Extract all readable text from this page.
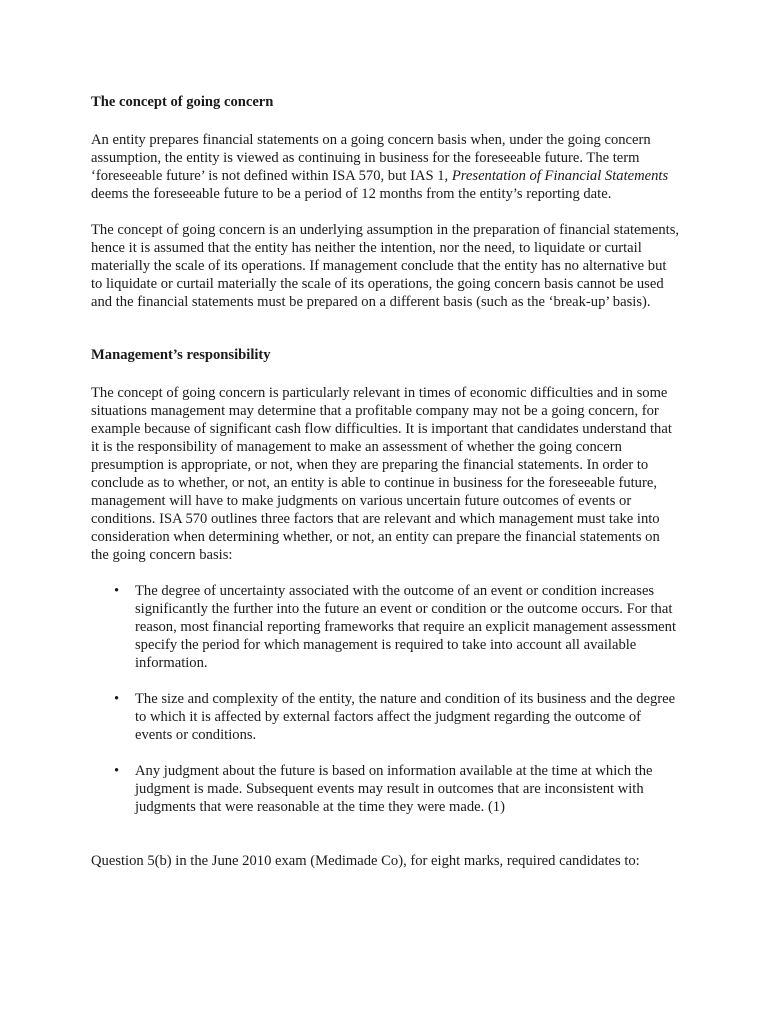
The concept of going concern

An entity prepares financial statements on a going concern basis when, under the going concern assumption, the entity is viewed as continuing in business for the foreseeable future. The term ‘foreseeable future’ is not defined within ISA 570, but IAS 1, Presentation of Financial Statements deems the foreseeable future to be a period of 12 months from the entity’s reporting date.

The concept of going concern is an underlying assumption in the preparation of financial statements, hence it is assumed that the entity has neither the intention, nor the need, to liquidate or curtail materially the scale of its operations. If management conclude that the entity has no alternative but to liquidate or curtail materially the scale of its operations, the going concern basis cannot be used and the financial statements must be prepared on a different basis (such as the ‘break-up’ basis).

Management’s responsibility

The concept of going concern is particularly relevant in times of economic difficulties and in some situations management may determine that a profitable company may not be a going concern, for example because of significant cash flow difficulties. It is important that candidates understand that it is the responsibility of management to make an assessment of whether the going concern presumption is appropriate, or not, when they are preparing the financial statements. In order to conclude as to whether, or not, an entity is able to continue in business for the foreseeable future, management will have to make judgments on various uncertain future outcomes of events or conditions. ISA 570 outlines three factors that are relevant and which management must take into consideration when determining whether, or not, an entity can prepare the financial statements on the going concern basis:

• The degree of uncertainty associated with the outcome of an event or condition increases significantly the further into the future an event or condition or the outcome occurs. For that reason, most financial reporting frameworks that require an explicit management assessment specify the period for which management is required to take into account all available information.
• The size and complexity of the entity, the nature and condition of its business and the degree to which it is affected by external factors affect the judgment regarding the outcome of events or conditions.
• Any judgment about the future is based on information available at the time at which the judgment is made. Subsequent events may result in outcomes that are inconsistent with judgments that were reasonable at the time they were made. (1)

Question 5(b) in the June 2010 exam (Medimade Co), for eight marks, required candidates to:
